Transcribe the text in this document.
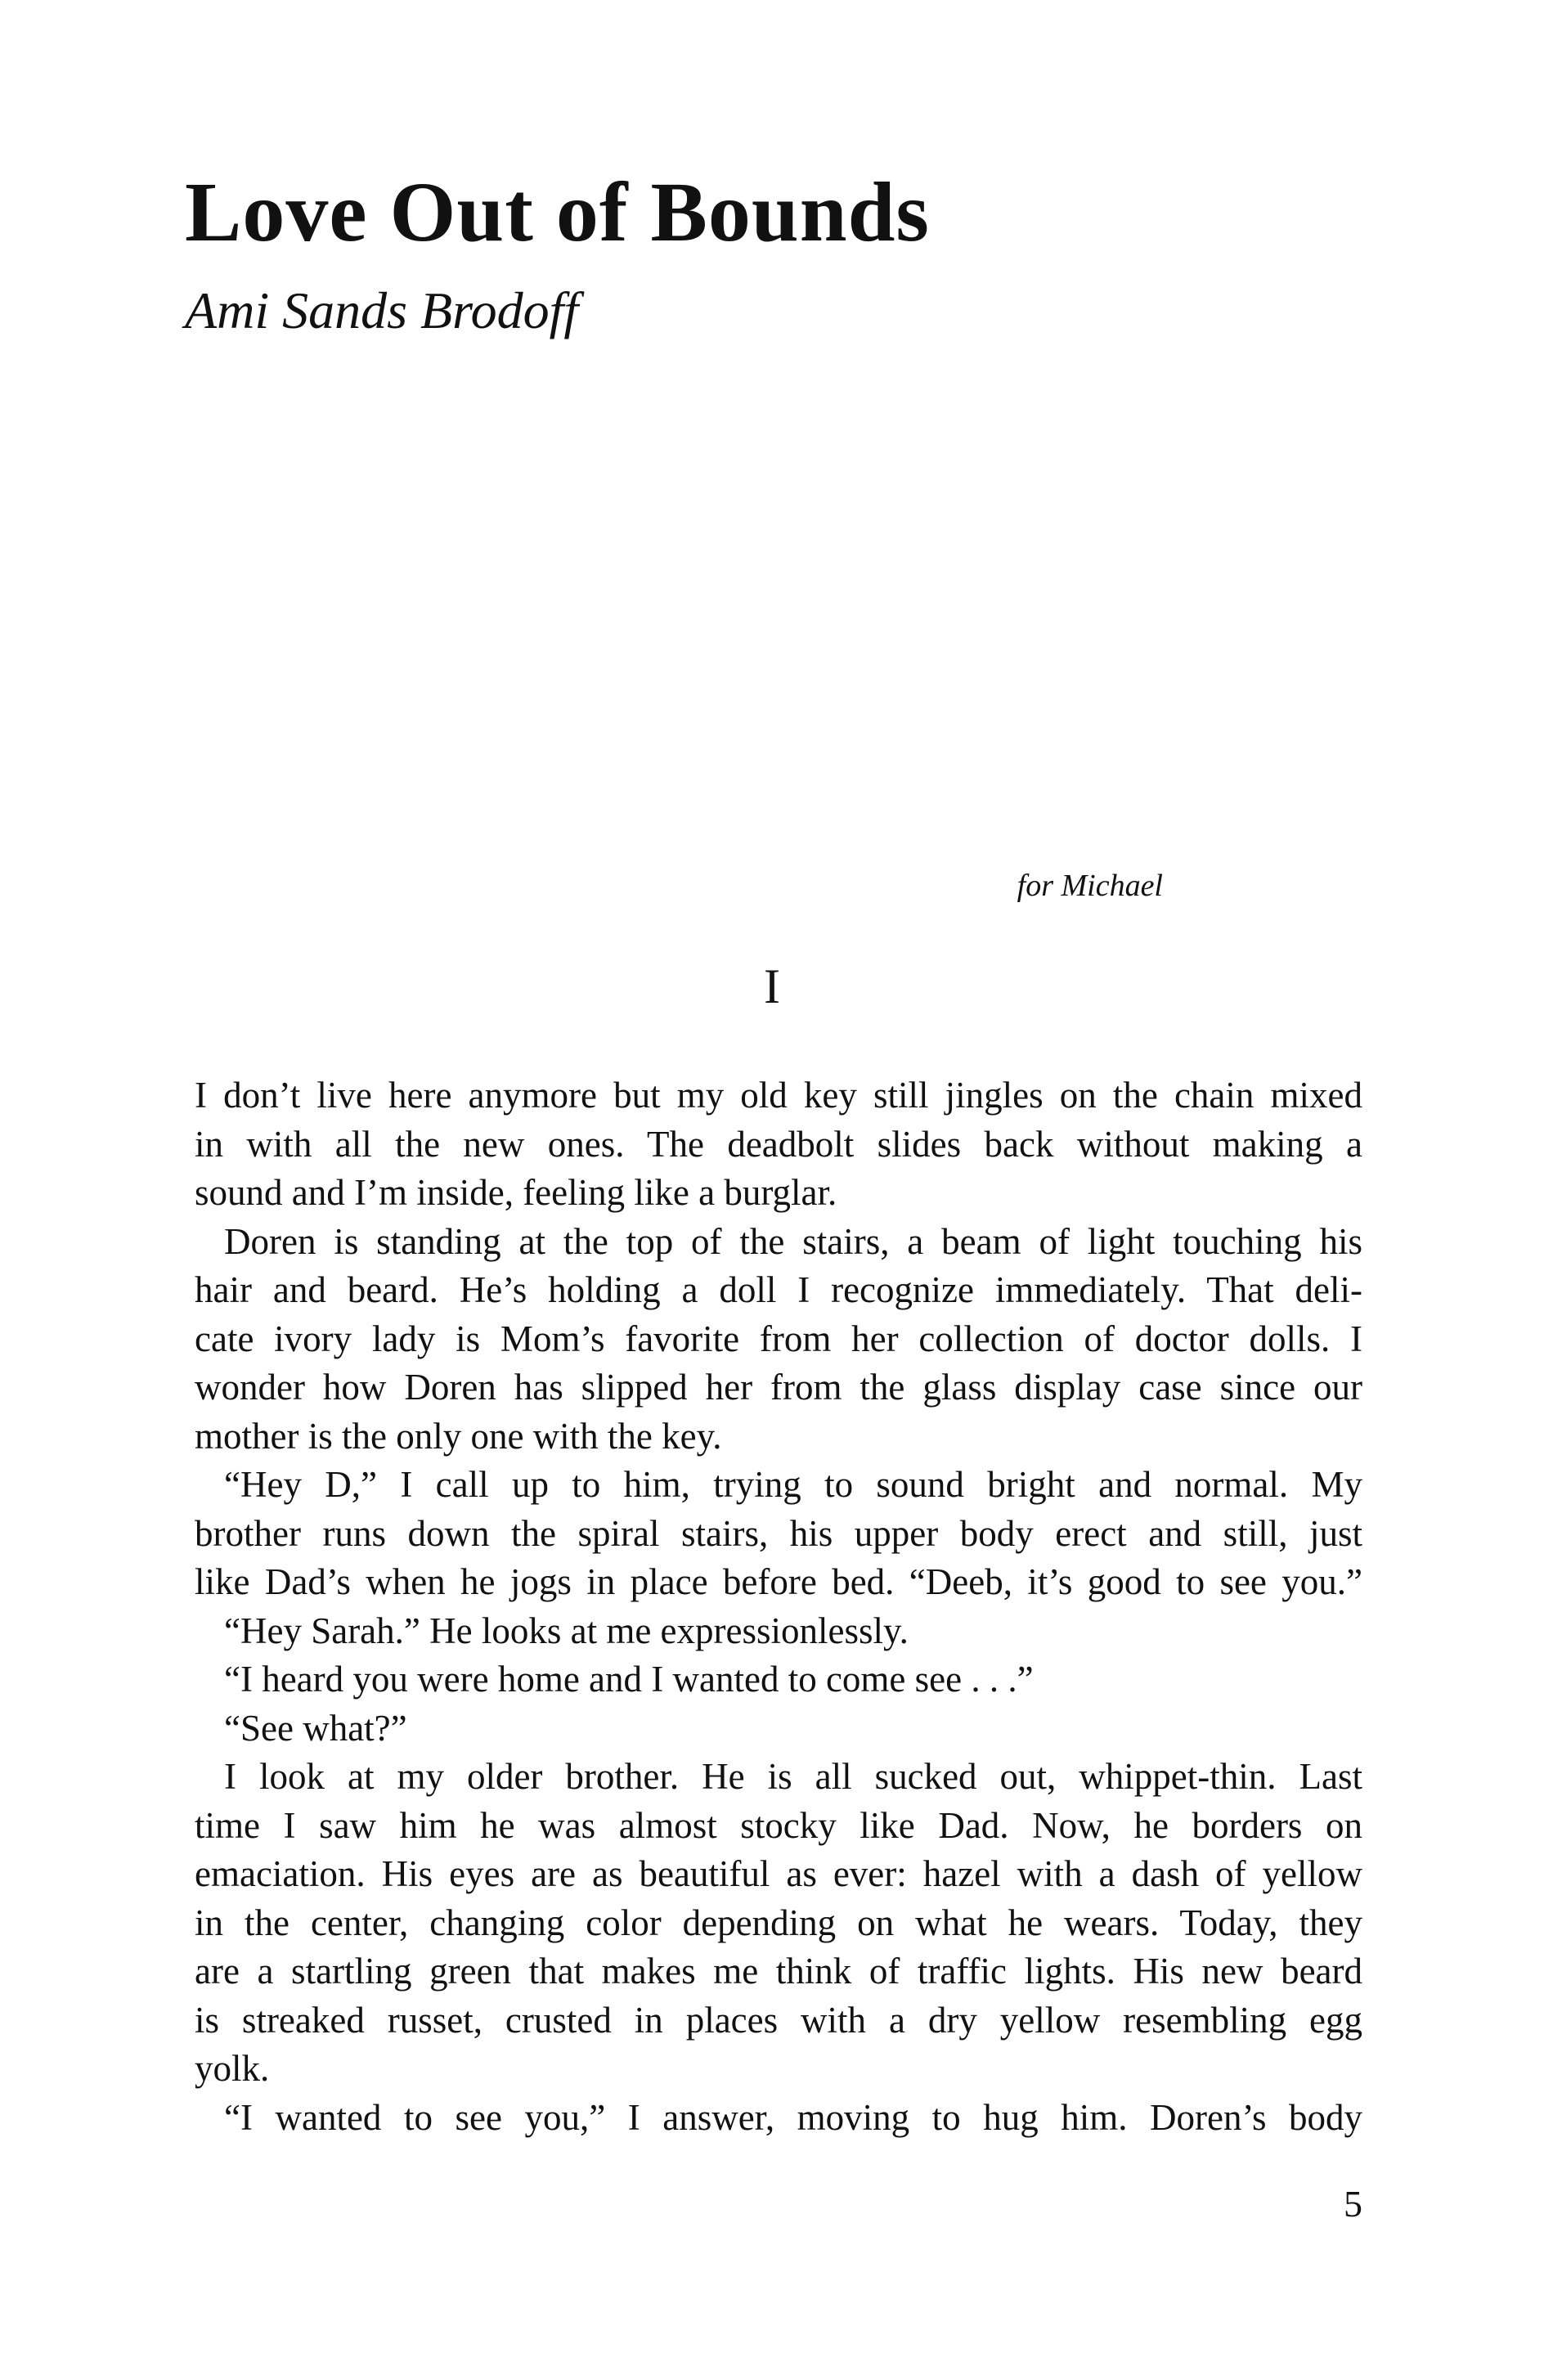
Love Out of Bounds

Ami Sands Brodoff

for Michael

I

I don’t live here anymore but my old key still jingles on the chain mixed
in with all the new ones. The deadbolt slides back without making a
sound and I’m inside, feeling like a burglar.
Doren is standing at the top of the stairs, a beam of light touching his
hair and beard. He’s holding a doll I recognize immediately. That deli-
cate ivory lady is Mom’s favorite from her collection of doctor dolls. I
wonder how Doren has slipped her from the glass display case since our
mother is the only one with the key.
“Hey D,” I call up to him, trying to sound bright and normal. My
brother runs down the spiral stairs, his upper body erect and still, just
like Dad’s when he jogs in place before bed. “Deeb, it’s good to see you.”
“Hey Sarah.” He looks at me expressionlessly.
“I heard you were home and I wanted to come see . . .”
“See what?”
I look at my older brother. He is all sucked out, whippet-thin. Last
time I saw him he was almost stocky like Dad. Now, he borders on
emaciation. His eyes are as beautiful as ever: hazel with a dash of yellow
in the center, changing color depending on what he wears. Today, they
are a startling green that makes me think of traffic lights. His new beard
is streaked russet, crusted in places with a dry yellow resembling egg
yolk.
“I wanted to see you,” I answer, moving to hug him. Doren’s body

5
